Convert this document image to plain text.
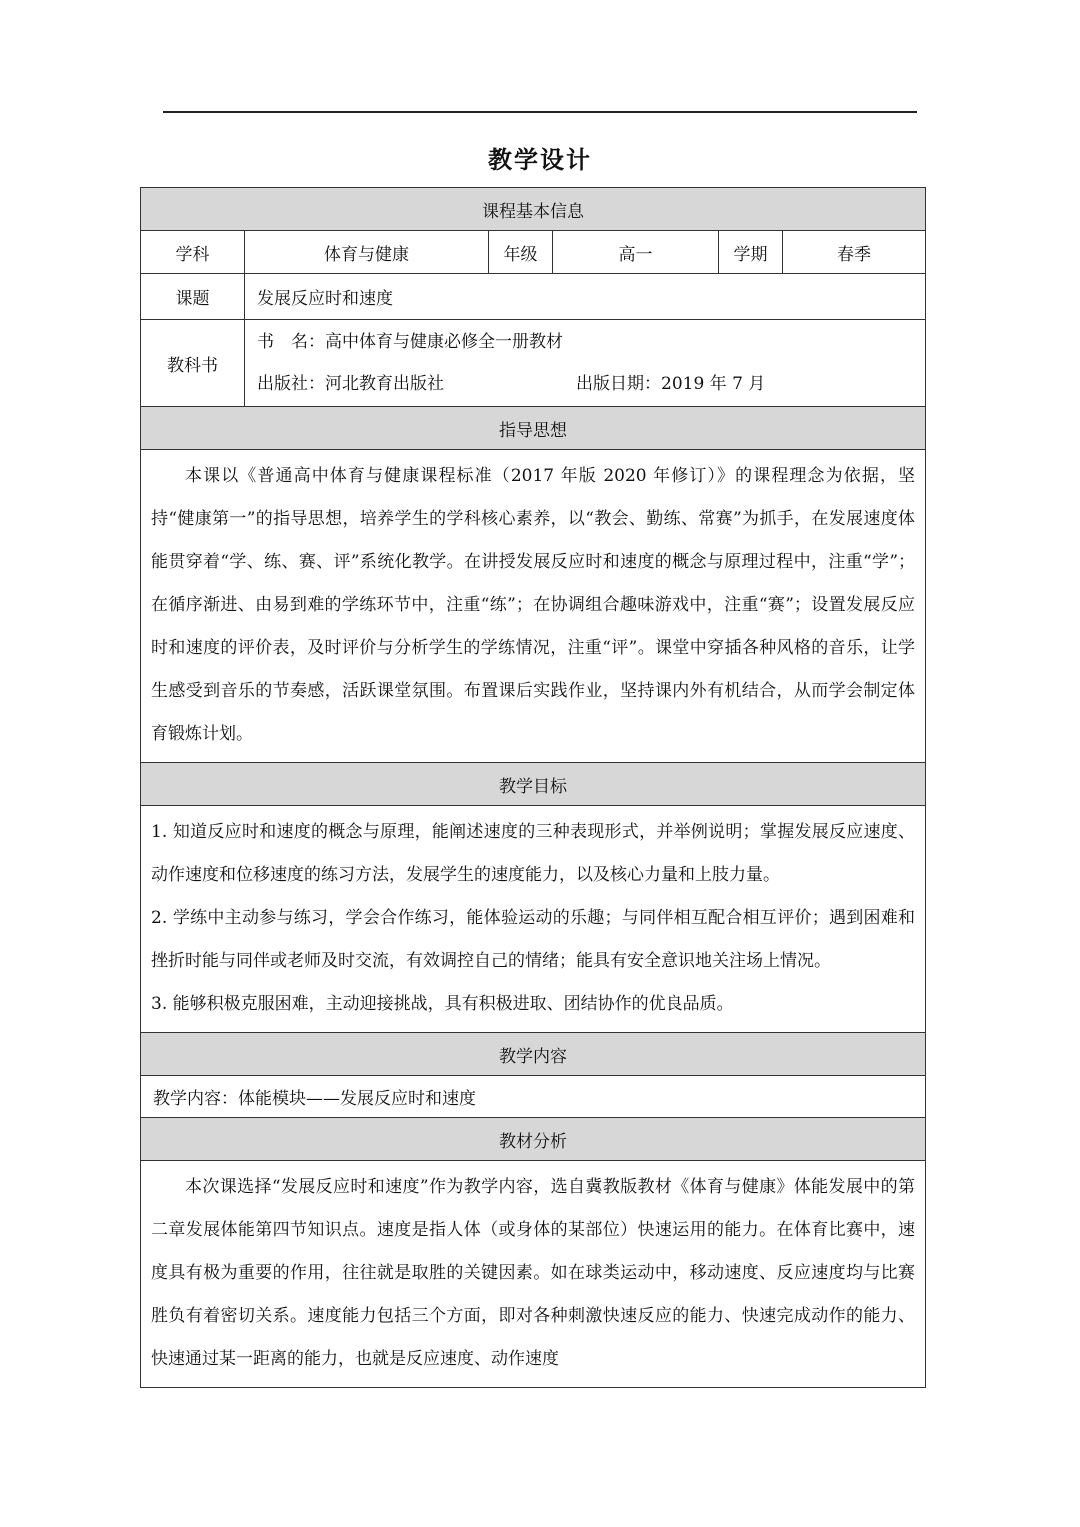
教学设计
课程基本信息					
学科	体育与健康	年级	高一	学期	春季
课题	发展反应时和速度				
教科书	书　名：高中体育与健康必修全一册教材
出版社：河北教育出版社 出版日期：2019 年 7 月				

指导思想					
本课以《普通高中体育与健康课程标准（2017 年版 2020 年修订）》的课程理念为依据，坚持“健康第一”的指导思想，培养学生的学科核心素养，以“教会、勤练、常赛”为抓手，在发展速度体能贯穿着“学、练、赛、评”系统化教学。在讲授发展反应时和速度的概念与原理过程中，注重“学”；在循序渐进、由易到难的学练环节中，注重“练”；在协调组合趣味游戏中，注重“赛”；设置发展反应时和速度的评价表，及时评价与分析学生的学练情况，注重“评”。课堂中穿插各种风格的音乐，让学生感受到音乐的节奏感，活跃课堂氛围。布置课后实践作业，坚持课内外有机结合，从而学会制定体育锻炼计划。					
教学目标					

1. 知道反应时和速度的概念与原理，能阐述速度的三种表现形式，并举例说明；掌握发展反应速度、动作速度和位移速度的练习方法，发展学生的速度能力，以及核心力量和上肢力量。

2. 学练中主动参与练习，学会合作练习，能体验运动的乐趣；与同伴相互配合相互评价；遇到困难和挫折时能与同伴或老师及时交流，有效调控自己的情绪；能具有安全意识地关注场上情况。

3. 能够积极克服困难，主动迎接挑战，具有积极进取、团结协作的优良品质。					

教学内容					
教学内容：体能模块——发展反应时和速度					
教材分析					
本次课选择“发展反应时和速度”作为教学内容，选自冀教版教材《体育与健康》体能发展中的第二章发展体能第四节知识点。速度是指人体（或身体的某部位）快速运用的能力。在体育比赛中，速度具有极为重要的作用，往往就是取胜的关键因素。如在球类运动中，移动速度、反应速度均与比赛胜负有着密切关系。速度能力包括三个方面，即对各种刺激快速反应的能力、快速完成动作的能力、快速通过某一距离的能力，也就是反应速度、动作速度					
